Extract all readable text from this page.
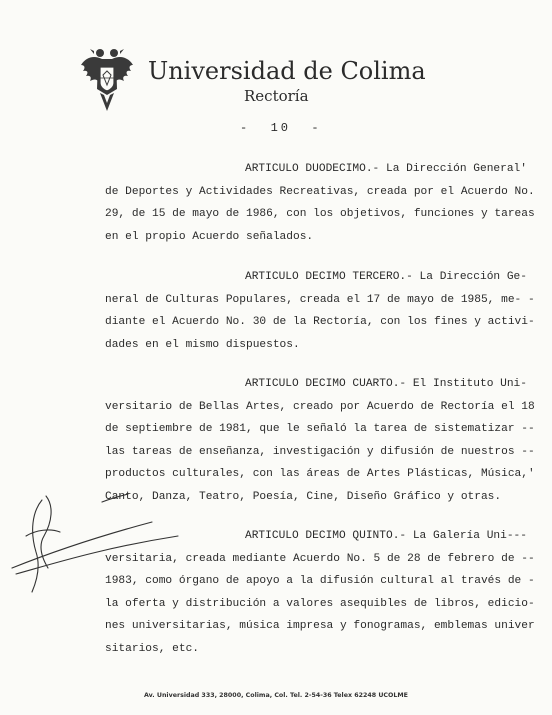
Universidad de Colima
Rectoría
-  10  -
ARTICULO DUODECIMO.- La Dirección General'
de Deportes y Actividades Recreativas, creada por el Acuerdo No.
29, de 15 de mayo de 1986, con los objetivos, funciones y tareas
en el propio Acuerdo señalados.
ARTICULO DECIMO TERCERO.- La Dirección Ge-
neral de Culturas Populares, creada el 17 de mayo de 1985, me- -
diante el Acuerdo No. 30 de la Rectoría, con los fines y activi-
dades en el mismo dispuestos.
ARTICULO DECIMO CUARTO.- El Instituto Uni-
versitario de Bellas Artes, creado por Acuerdo de Rectoría el 18
de septiembre de 1981, que le señaló la tarea de sistematizar --
las tareas de enseñanza, investigación y difusión de nuestros --
productos culturales, con las áreas de Artes Plásticas, Música,'
Canto, Danza, Teatro, Poesía, Cine, Diseño Gráfico y otras.
ARTICULO DECIMO QUINTO.- La Galería Uni---
versitaria, creada mediante Acuerdo No. 5 de 28 de febrero de --
1983, como órgano de apoyo a la difusión cultural al través de -
la oferta y distribución a valores asequibles de libros, edicio-
nes universitarias, música impresa y fonogramas, emblemas univer
sitarios, etc.
Av. Universidad 333, 28000, Colima, Col. Tel. 2-54-36 Telex 62248 UCOLME
